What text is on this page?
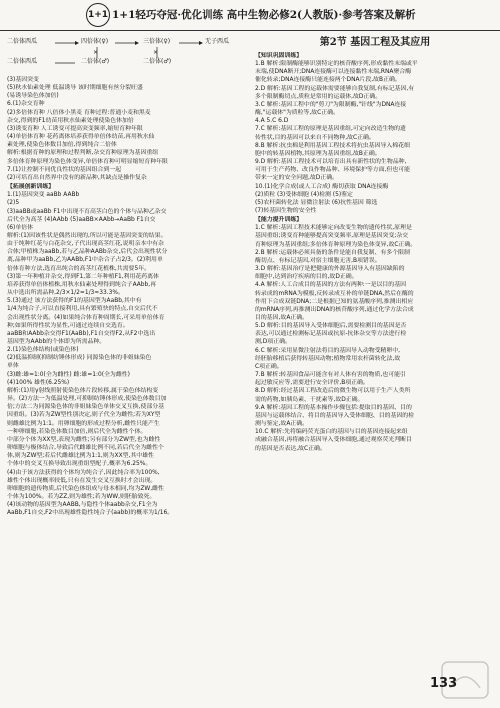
1+1 1+1轻巧夺冠·优化训练 高中生物必修2(人教版)·参考答案及解析
二倍体西瓜	四倍体(♀)	三倍体(♀)	无子西瓜
二倍体西瓜	二倍体(♂)	二倍体(♂)
×	×
(3)基因突变
(5)秋水仙素处理 低温诱导 该时期细胞有丝分裂旺盛
(易诱导染色体加倍)
6.(1)杂交育种
(2)多倍体育种 八倍体小黑麦 育种过程:普通小麦和黑麦
杂交,得到的F1幼苗用秋水仙素处理使染色体加倍
(3)诱变育种 人工诱变可提高突变频率,缩短育种年限
(4)单倍体育种 花药离体培养获得单倍体幼苗,再用秋水仙
素处理,使染色体数目加倍,得到纯合二倍体
解析:根据育种的原理和过程判断,杂交育种原理为基因重组
多倍体育种原理为染色体变异,单倍体育种可明显缩短育种年限
7.(1)让控制不同优良性状的基因组合到一起
(2)可培育出自然界中没有的新品种,其缺点是操作复杂
【拓展创新训练】
1.(1)基因突变 aaBb AABb
(2)5
(3)aaBB或aaBb F1中出现不育高茎白色的个体与品种乙杂交
后代全为高茎 (4)AAbb (5)aaBB×AAbb→AaBb F1自交
(6)单倍体
解析:(1)因该性状是偶然出现的,所以可能是基因突变的结果。
由于纯种红花与白花杂交,子代出现高茎红花,说明亲本中有杂
合体;甲植株为aaBb,若与乙品种AABb杂交,后代会出现性状分
离,品种甲为aaBb,乙为AABb,F1中杂合子占2/3。(2)利用单
倍体育种方法,选育出纯合的高茎红花植株,共需要5年。
(3)第一年种植并杂交,得到F1,第二年种植F1,利用花药离体
培养获得单倍体植株,用秋水仙素处理得到纯合子AAbb,再
从中选出所需品种,2/3×1/2=1/3≈33.3%。
5.(3)通过 该方法获得的F1的基因型为AaBb,其中有
1/4为纯合子,可以直接利用,具有繁殖快的特点,自交后代不
会出现性状分离。(4)如果纯合体育种周期长,可采用单倍体育
种;如果所得性状为显性,可通过连续自交选育。
aaBB和AAbb杂交得F1(AaBb),F1自交得F2,从F2中选出
基因型为AAbb的个体即为所需品种。
2.(1)染色体结构(或染色体)
(2)低温抑制(抑制纺锤体形成) 同源染色体的非姐妹染色
单体
(3)雌:雄=1:0(全为雌性) 雌:雄=1:0(全为雌性)
(4)100% 雄性(6.25%)
解析:(1)用γ射线照射使染色体片段转移,属于染色体结构变
异。(2)方法一为低温处理,可抑制纺锤体形成,使染色体数目加
倍;方法二为同源染色体的非姐妹染色单体交叉互换,使部分基
因重组。(3)若为ZW型性别决定,则子代全为雌性;若为XY型
则雌雄比例为1:1。用卵细胞的形成过程分析,雌性只能产生
一种卵细胞,若染色体数目加倍,则后代全为雌性个体。
中部分个体为XX型,表现为雌性;另有部分为ZW型,也为雌性
卵细胞与极体结合,导致后代雌雄比例不同,若后代全为雌性个
体,则为ZW型;若后代雌雄比例为1:1,则为XX型,其中雄性
个体中的交叉互换导致出现重组型配子,概率为6.25%。
(4)由于该方法获得的个体均为纯合子,因此纯合率为100%,
雄性个体出现概率较低,只有在发生交叉互换时才会出现。
卵细胞的遗传物质,后代染色体组成与母本相同,均为ZW,雌性
个体为100%。若为ZZ,则为雄性;若为WW,则胚胎致死。
(4)该动物的基因型为AABB,与隐性个体aabb杂交,F1全为
AaBb,F1自交,F2中出现雄性隐性纯合子(aabb)的概率为1/16。
第2节 基因工程及其应用
【知识巩固训练】
1.B 解析:限制酶能够识别特定的核苷酸序列,形成黏性末端或平
末端,使DNA断开;DNA连接酶可以连接黏性末端,RNA聚合酶
催化转录;DNA连接酶只能连接两个DNA片段,故B正确。
2.D 解析:基因工程的运载体需要能够自我复制,有标记基因,有
多个限制酶切点,质粒是常用的运载体,故D正确。
3.C 解析:基因工程中的"剪刀"为限制酶,"针线"为DNA连接
酶,"运载体"为质粒等,故C正确。
4.A 5.C 6.D
7.C 解析:基因工程的原理是基因重组,可定向改造生物的遗
传性状,目的基因可以来自不同物种,故C正确。
8.B 解析:抗虫棉是利用基因工程技术将抗虫基因导入棉花细
胞中的转基因植物,其原理为基因重组,故B正确。
9.D 解析:基因工程技术可以培育出具有新性状的生物品种,
可用于生产药物、改良作物品种、环境保护等方面,但也可能
带来一定的安全问题,故D正确。
10.(1)化学合成(或人工合成) 酶切获取 DNA连接酶
(2)质粒 (3)受体细胞 (4)检测 (5)鉴定
(5)农杆菌转化法 显微注射法 (6)抗性基因 筛选
(7)转基因生物的安全性
【能力提升训练】
1.C 解析:基因工程技术能够定向改变生物的遗传性状,原理是
基因重组;诱变育种能够提高突变频率,原理是基因突变;杂交
育种原理为基因重组;多倍体育种原理为染色体变异,故C正确。
2.B 解析:运载体必须具备的条件是能自我复制、有多个限制
酶切点、有标记基因,对宿主细胞无害,B项错误。
3.D 解析:基因治疗是把健康的外源基因导入有基因缺陷的
细胞中,达到治疗疾病的目的,故D正确。
4.A 解析:人工合成目的基因的方法有两种:一是以目的基因
转录成的mRNA为模板,反转录成互补的单链DNA,然后在酶的
作用下合成双链DNA;二是根据已知的氨基酸序列,推测出相应
的mRNA序列,再推测出DNA的核苷酸序列,通过化学方法合成
目的基因,故A正确。
5.D 解析:目的基因导入受体细胞后,需要检测目的基因是否
表达,可以通过检测标记基因或抗原-抗体杂交等方法进行检
测,D项正确。
6.C 解析:采用显微注射法将目的基因导入动物受精卵中,
经胚胎移植后获得转基因动物;植物常用农杆菌转化法,故
C项正确。
7.B 解析:转基因食品可能含有对人体有害的物质,也可能引
起过敏反应等,需要进行安全评价,B项正确。
8.D 解析:经过基因工程改造后的微生物可以用于生产人类所
需的药物,如胰岛素、干扰素等,故D正确。
9.A 解析:基因工程的基本操作步骤包括:提取目的基因、目的
基因与运载体结合、将目的基因导入受体细胞、目的基因的检
测与鉴定,故A正确。
10.C 解析:先将编码荧光蛋白的基因与目的基因连接起来组
成融合基因,再将融合基因导入受体细胞,通过观察荧光判断目
的基因是否表达,故C正确。
133
